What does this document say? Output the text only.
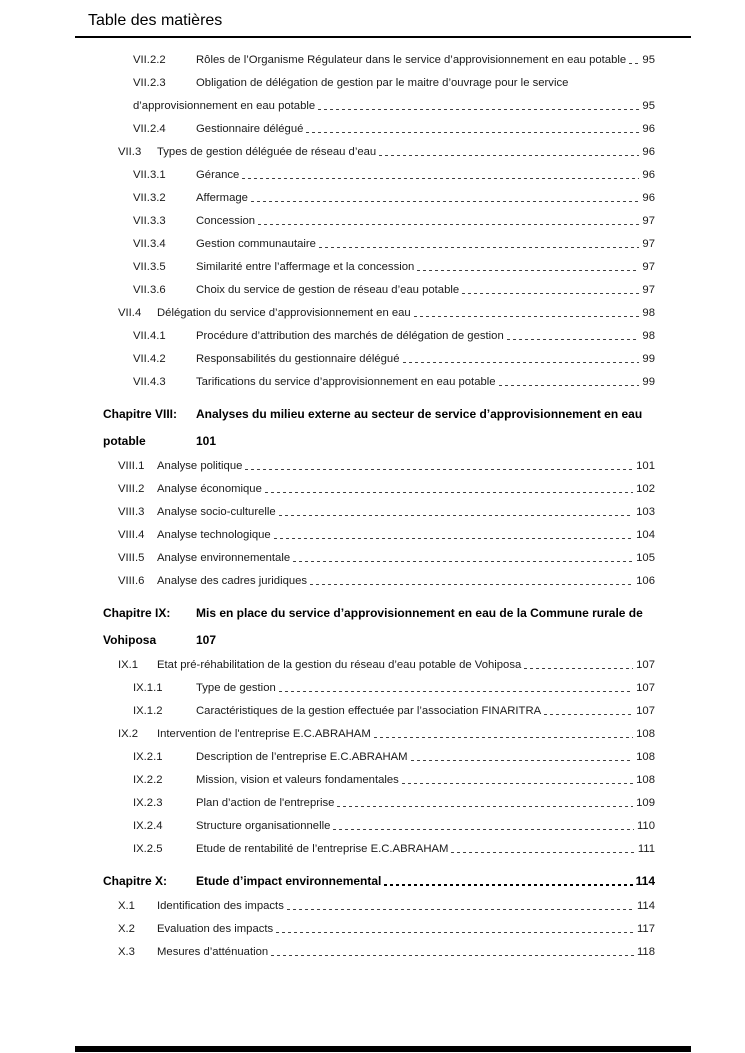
Table des matières
VII.2.2	Rôles de l’Organisme Régulateur dans le service d’approvisionnement en eau potable 95
VII.2.3	Obligation de délégation de gestion par le maitre d’ouvrage pour le service
d’approvisionnement en eau potable	95
VII.2.4	Gestionnaire délégué	96
VII.3	Types de gestion déléguée de réseau d’eau	96
VII.3.1	Gérance	96
VII.3.2	Affermage	96
VII.3.3	Concession	97
VII.3.4	Gestion communautaire	97
VII.3.5	Similarité entre l’affermage et la concession	97
VII.3.6	Choix du service de gestion de réseau d’eau potable	97
VII.4	Délégation du service d’approvisionnement en eau	98
VII.4.1	Procédure d’attribution des marchés de délégation de gestion	98
VII.4.2	Responsabilités du gestionnaire délégué	99
VII.4.3	Tarifications du service d’approvisionnement en eau potable	99
Chapitre VIII:	Analyses du milieu externe au secteur de service d’approvisionnement en eau
potable	101
VIII.1	Analyse politique	101
VIII.2	Analyse économique	102
VIII.3	Analyse socio-culturelle	103
VIII.4	Analyse technologique	104
VIII.5	Analyse environnementale	105
VIII.6	Analyse des cadres juridiques	106
Chapitre IX:	Mis en place du service d’approvisionnement en eau de la Commune rurale de
Vohiposa	107
IX.1	Etat pré-réhabilitation de la gestion du réseau d’eau potable de Vohiposa	107
IX.1.1	Type de gestion	107
IX.1.2	Caractéristiques de la gestion effectuée par l’association FINARITRA	107
IX.2	Intervention de l'entreprise E.C.ABRAHAM	108
IX.2.1	Description de l’entreprise E.C.ABRAHAM	108
IX.2.2	Mission, vision et valeurs fondamentales	108
IX.2.3	Plan d’action de l'entreprise	109
IX.2.4	Structure organisationnelle	110
IX.2.5	Etude de rentabilité de l’entreprise E.C.ABRAHAM	111
Chapitre X:	Etude d’impact environnemental	114
X.1	Identification des impacts	114
X.2	Evaluation des impacts	117
X.3	Mesures d’atténuation	118
